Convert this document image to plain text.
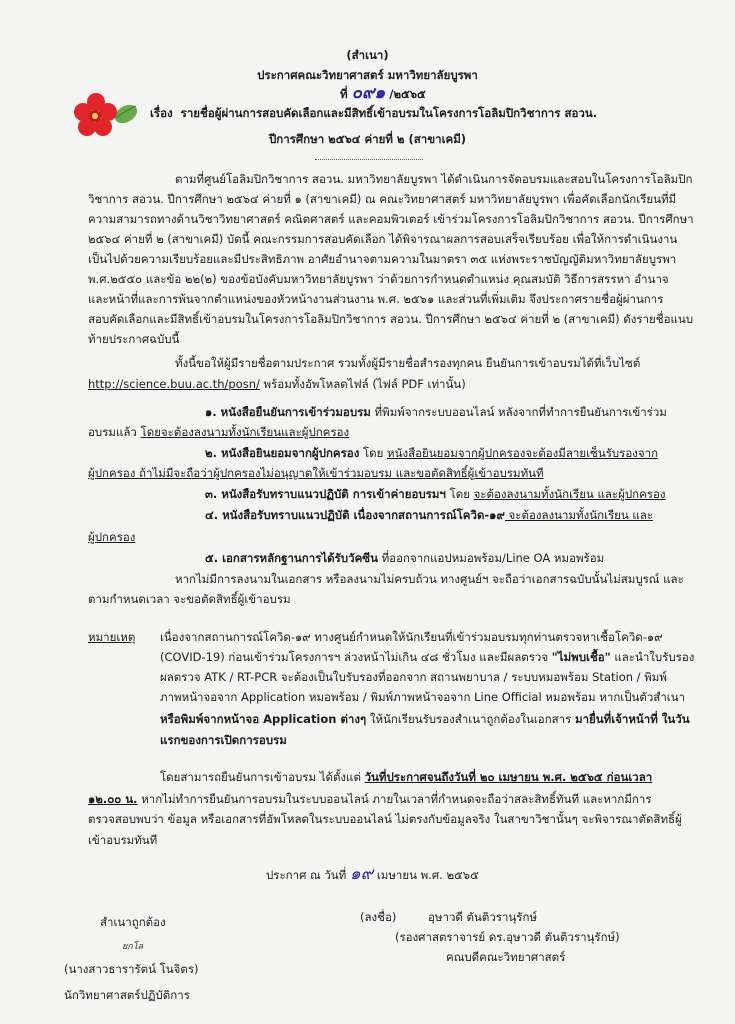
(สำเนา)
ประกาศคณะวิทยาศาสตร์ มหาวิทยาลัยบูรพา
ที่ ๐๙๑ /๒๕๖๕
เรื่อง รายชื่อผู้ผ่านการสอบคัดเลือกและมีสิทธิ์เข้าอบรมในโครงการโอลิมปิกวิชาการ สอวน.
ปีการศึกษา ๒๕๖๔ ค่ายที่ ๒ (สาขาเคมี)
ตามที่ศูนย์โอลิมปิกวิชาการ สอวน. มหาวิทยาลัยบูรพา ได้ดำเนินการจัดอบรมและสอบในโครงการโอลิมปิก
วิชาการ สอวน. ปีการศึกษา ๒๕๖๔ ค่ายที่ ๑ (สาขาเคมี) ณ คณะวิทยาศาสตร์ มหาวิทยาลัยบูรพา เพื่อคัดเลือกนักเรียนที่มี
ความสามารถทางด้านวิชาวิทยาศาสตร์ คณิตศาสตร์ และคอมพิวเตอร์ เข้าร่วมโครงการโอลิมปิกวิชาการ สอวน. ปีการศึกษา
๒๕๖๔ ค่ายที่ ๒ (สาขาเคมี) บัดนี้ คณะกรรมการสอบคัดเลือก ได้พิจารณาผลการสอบเสร็จเรียบร้อย เพื่อให้การดำเนินงาน
เป็นไปด้วยความเรียบร้อยและมีประสิทธิภาพ อาศัยอำนาจตามความในมาตรา ๓๕ แห่งพระราชบัญญัติมหาวิทยาลัยบูรพา
พ.ศ.๒๕๕๐ และข้อ ๒๒(๒) ของข้อบังคับมหาวิทยาลัยบูรพา ว่าด้วยการกำหนดตำแหน่ง คุณสมบัติ วิธีการสรรหา อำนาจ
และหน้าที่และการพ้นจากตำแหน่งของหัวหน้างานส่วนงาน พ.ศ. ๒๕๖๑ และส่วนที่เพิ่มเติม จึงประกาศรายชื่อผู้ผ่านการ
สอบคัดเลือกและมีสิทธิ์เข้าอบรมในโครงการโอลิมปิกวิชาการ สอวน. ปีการศึกษา ๒๕๖๔ ค่ายที่ ๒ (สาขาเคมี) ดังรายชื่อแนบ
ท้ายประกาศฉบับนี้
ทั้งนี้ขอให้ผู้มีรายชื่อตามประกาศ รวมทั้งผู้มีรายชื่อสำรองทุกคน ยืนยันการเข้าอบรมได้ที่เว็บไซต์
http://science.buu.ac.th/posn/ พร้อมทั้งอัพโหลดไฟล์ (ไฟล์ PDF เท่านั้น)
๑. หนังสือยืนยันการเข้าร่วมอบรม ที่พิมพ์จากระบบออนไลน์ หลังจากที่ทำการยืนยันการเข้าร่วม
อบรมแล้ว โดยจะต้องลงนามทั้งนักเรียนและผู้ปกครอง
๒. หนังสือยินยอมจากผู้ปกครอง โดย หนังสือยินยอมจากผู้ปกครองจะต้องมีลายเซ็นรับรองจาก
ผู้ปกครอง ถ้าไม่มีจะถือว่าผู้ปกครองไม่อนุญาตให้เข้าร่วมอบรม และขอตัดสิทธิ์ผู้เข้าอบรมทันที
๓. หนังสือรับทราบแนวปฏิบัติ การเข้าค่ายอบรมฯ โดย จะต้องลงนามทั้งนักเรียน และผู้ปกครอง
๔. หนังสือรับทราบแนวปฏิบัติ เนื่องจากสถานการณ์โควิด-๑๙ จะต้องลงนามทั้งนักเรียน และ
ผู้ปกครอง
๕. เอกสารหลักฐานการได้รับวัคซีน ที่ออกจากแอปหมอพร้อม/Line OA หมอพร้อม
หากไม่มีการลงนามในเอกสาร หรือลงนามไม่ครบถ้วน ทางศูนย์ฯ จะถือว่าเอกสารฉบับนั้นไม่สมบูรณ์ และ
ตามกำหนดเวลา จะขอตัดสิทธิ์ผู้เข้าอบรม
หมายเหตุ เนื่องจากสถานการณ์โควิด-๑๙ ทางศูนย์กำหนดให้นักเรียนที่เข้าร่วมอบรมทุกท่านตรวจหาเชื้อโควิด-๑๙
(COVID-19) ก่อนเข้าร่วมโครงการฯ ล่วงหน้าไม่เกิน ๔๘ ชั่วโมง และมีผลตรวจ "ไม่พบเชื้อ" และนำใบรับรอง
ผลตรวจ ATK / RT-PCR จะต้องเป็นใบรับรองที่ออกจาก สถานพยาบาล / ระบบหมอพร้อม Station / พิมพ์
ภาพหน้าจอจาก Application หมอพร้อม / พิมพ์ภาพหน้าจอจาก Line Official หมอพร้อม หากเป็นตัวสำเนา
หรือพิมพ์จากหน้าจอ Application ต่างๆ ให้นักเรียนรับรองสำเนาถูกต้องในเอกสาร มายื่นที่เจ้าหน้าที่ ในวัน
แรกของการเปิดการอบรม
โดยสามารถยืนยันการเข้าอบรม ได้ตั้งแต่ วันที่ประกาศจนถึงวันที่ ๒๐ เมษายน พ.ศ. ๒๕๖๕ ก่อนเวลา
๑๒.๐๐ น. หากไม่ทำการยืนยันการอบรมในระบบออนไลน์ ภายในเวลาที่กำหนดจะถือว่าสละสิทธิ์ทันที และหากมีการ
ตรวจสอบพบว่า ข้อมูล หรือเอกสารที่อัพโหลดในระบบออนไลน์ ไม่ตรงกับข้อมูลจริง ในสาขาวิชานั้นๆ จะพิจารณาตัดสิทธิ์ผู้
เข้าอบรมทันที
ประกาศ ณ วันที่ ๑๙ เมษายน พ.ศ. ๒๕๖๕
(ลงชื่อ)	อุษาวดี ตันติวรานุรักษ์
(รองศาสตราจารย์ ดร.อุษาวดี ตันติวรานุรักษ์)
คณบดีคณะวิทยาศาสตร์
สำเนาถูกต้อง
ยกโล
(นางสาวธารารัตน์ โนจิตร)
นักวิทยาศาสตร์ปฏิบัติการ
